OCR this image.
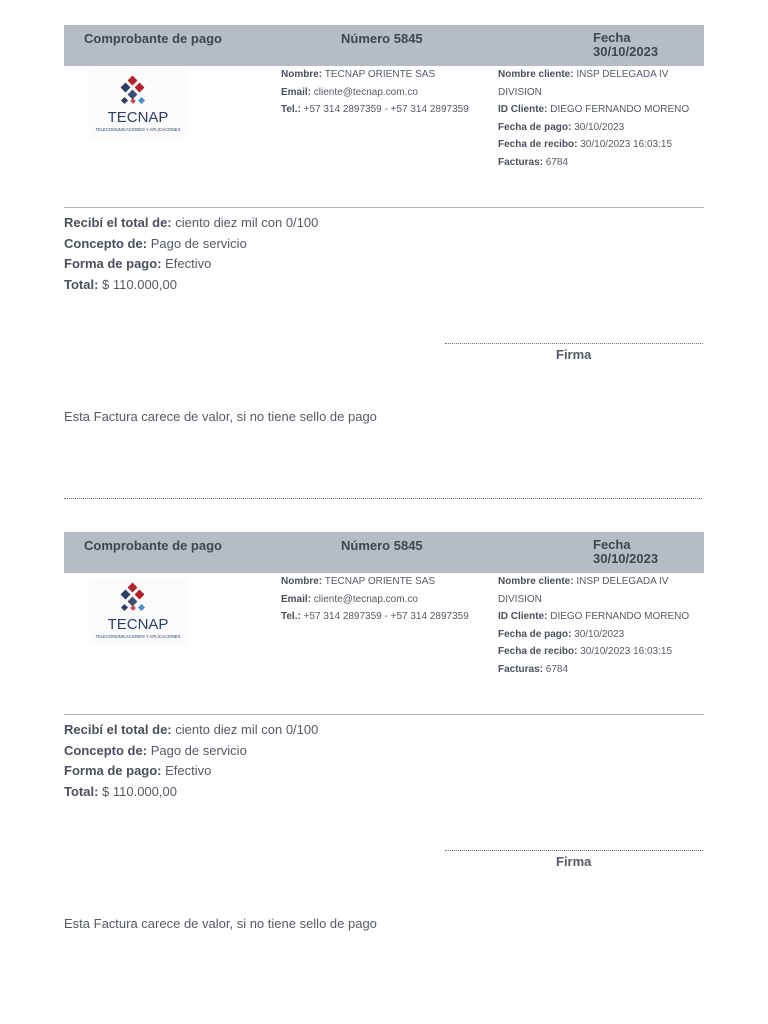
Comprobante de pago	Número 5845	Fecha
30/10/2023
TECNAP
TELECOMUNICACIONES Y APLICACIONES
Nombre: TECNAP ORIENTE SAS
Email: cliente@tecnap.com.co
Tel.: +57 314 2897359 - +57 314 2897359
Nombre cliente: INSP DELEGADA IV DIVISION
ID Cliente: DIEGO FERNANDO MORENO
Fecha de pago: 30/10/2023
Fecha de recibo: 30/10/2023 16:03:15
Facturas: 6784
Recibí el total de: ciento diez mil con 0/100
Concepto de: Pago de servicio
Forma de pago: Efectivo
Total: $ 110.000,00
Firma
Esta Factura carece de valor, si no tiene sello de pago
Comprobante de pago	Número 5845	Fecha
30/10/2023
TECNAP
TELECOMUNICACIONES Y APLICACIONES
Nombre: TECNAP ORIENTE SAS
Email: cliente@tecnap.com.co
Tel.: +57 314 2897359 - +57 314 2897359
Nombre cliente: INSP DELEGADA IV DIVISION
ID Cliente: DIEGO FERNANDO MORENO
Fecha de pago: 30/10/2023
Fecha de recibo: 30/10/2023 16:03:15
Facturas: 6784
Recibí el total de: ciento diez mil con 0/100
Concepto de: Pago de servicio
Forma de pago: Efectivo
Total: $ 110.000,00
Firma
Esta Factura carece de valor, si no tiene sello de pago
